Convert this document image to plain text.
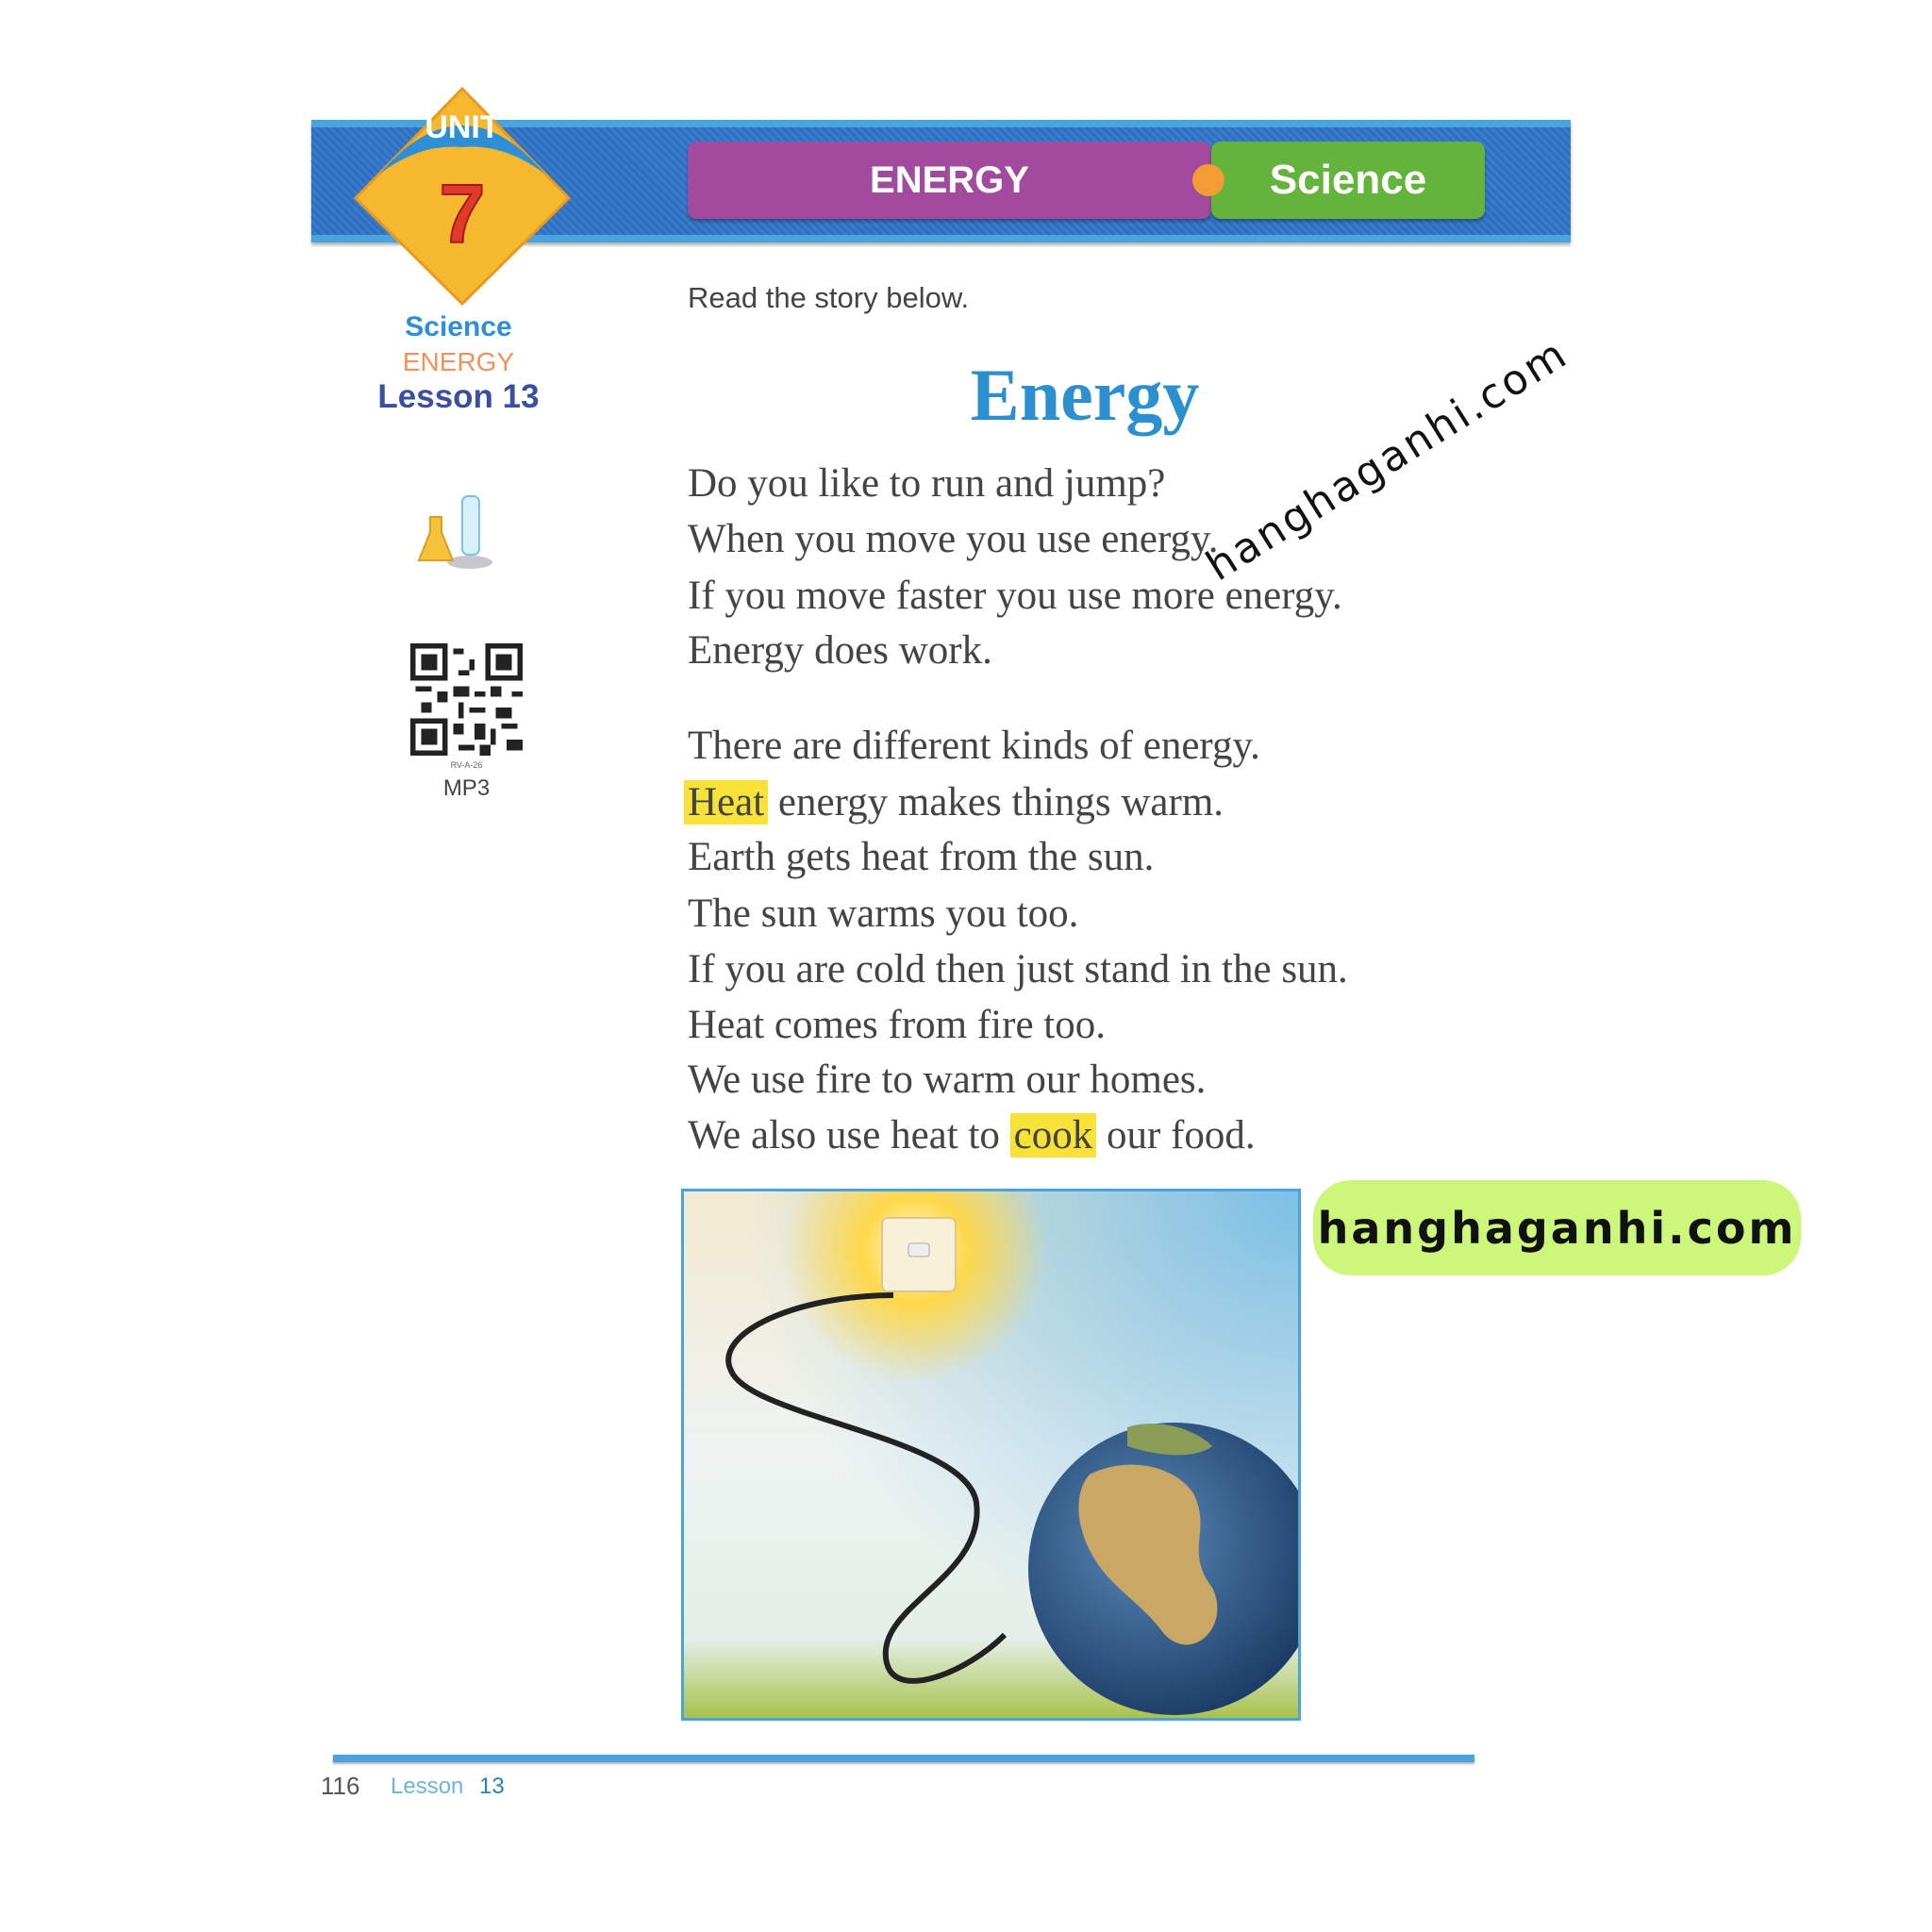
ENERGY	Science
UNIT
7
Science
ENERGY
Lesson 13
RV-A-26
MP3
Read the story below.
Energy
Do you like to run and jump?
When you move you use energy.
If you move faster you use more energy.
Energy does work.
There are different kinds of energy.
Heat energy makes things warm.
Earth gets heat from the sun.
The sun warms you too.
If you are cold then just stand in the sun.
Heat comes from fire too.
We use fire to warm our homes.
We also use heat to cook our food.
116 Lesson 13
hanghaganhi.com
hanghaganhi.com
